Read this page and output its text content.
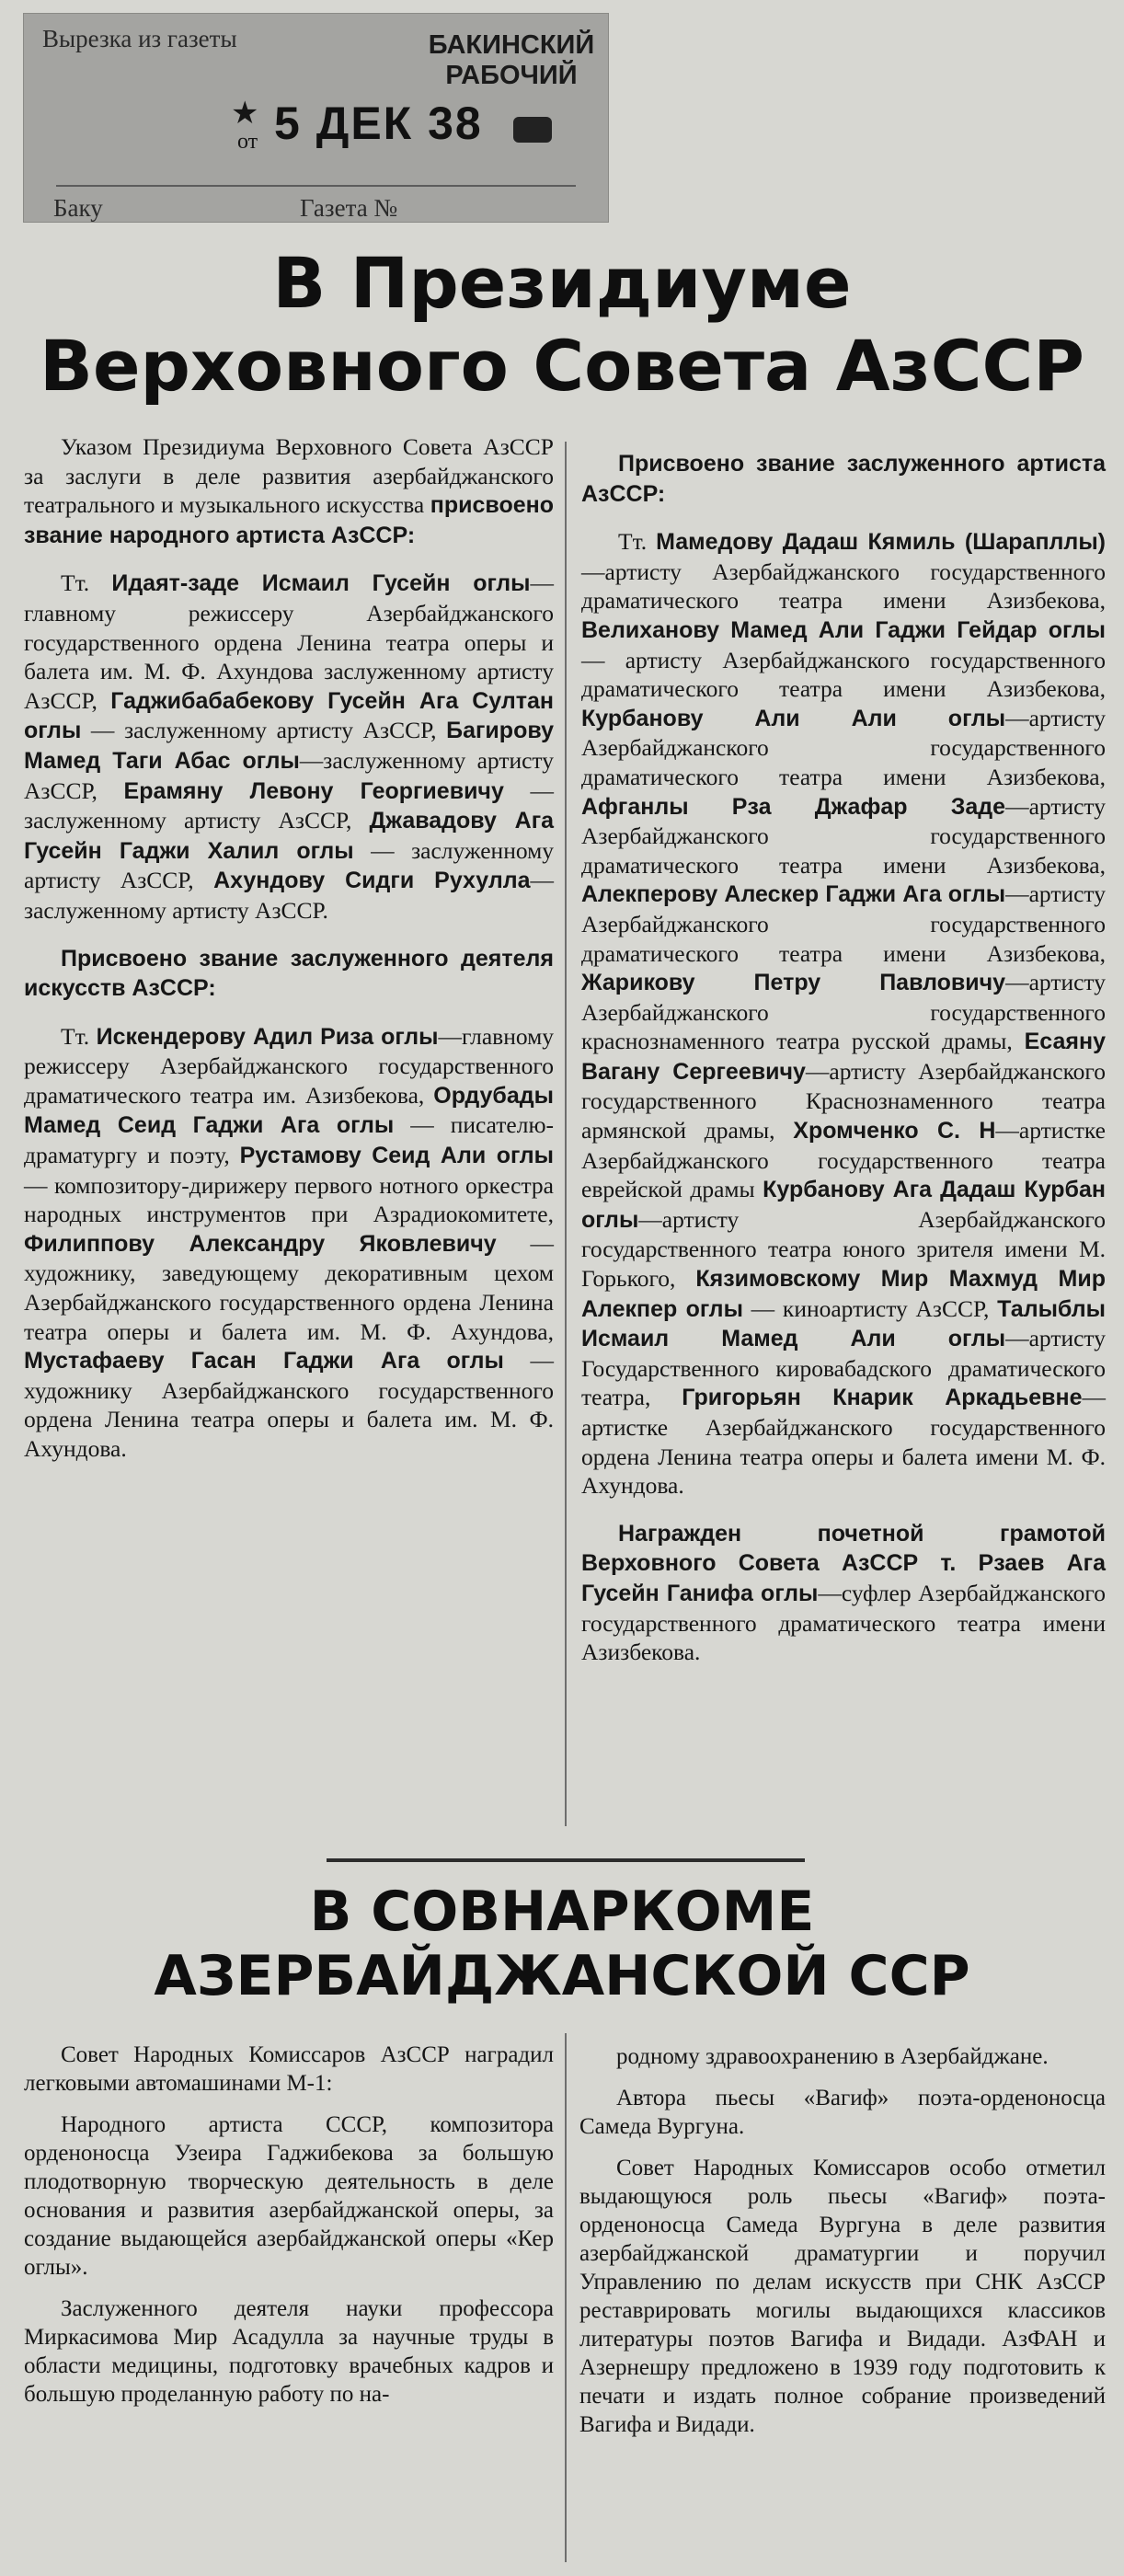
Вырезка из газеты	БАКИНСКИЙ
РАБОЧИЙ
★
от 5 ДЕК 38
Баку	Газета №
В Президиуме
Верховного Совета АзССР

Указом Президиума Верховного Совета АзССР за заслуги в деле развития азербайджанского театрального и музыкального искусства присвоено звание народного артиста АзССР:

Тт. Идаят-заде Исмаил Гусейн оглы—главному режиссеру Азербайджанского государственного ордена Ленина театра оперы и балета им. М. Ф. Ахундова заслуженному артисту АзССР, Гаджибабабекову Гусейн Ага Султан оглы — заслуженному артисту АзССР, Багирову Мамед Таги Абас оглы—заслуженному артисту АзССР, Ерамяну Левону Георгиевичу — заслуженному артисту АзССР, Джавадову Ага Гусейн Гаджи Халил оглы — заслуженному артисту АзССР, Ахундову Сидги Рухулла—заслуженному артисту АзССР.

Присвоено звание заслуженного деятеля искусств АзССР:

Тт. Искендерову Адил Риза оглы—главному режиссеру Азербайджанского государственного драматического театра им. Азизбекова, Ордубады Мамед Сеид Гаджи Ага оглы — писателю-драматургу и поэту, Рустамову Сеид Али оглы — композитору-дирижеру первого нотного оркестра народных инструментов при Азрадиокомитете, Филиппову Александру Яковлевичу — художнику, заведующему декоративным цехом Азербайджанского государственного ордена Ленина театра оперы и балета им. М. Ф. Ахундова, Мустафаеву Гасан Гаджи Ага оглы — художнику Азербайджанского государственного ордена Ленина театра оперы и балета им. М. Ф. Ахундова.

Присвоено звание заслуженного артиста АзССР:

Тт. Мамедову Дадаш Кямиль (Шарапллы)—артисту Азербайджанского государственного драматического театра имени Азизбекова, Велиханову Мамед Али Гаджи Гейдар оглы — артисту Азербайджанского государственного драматического театра имени Азизбекова, Курбанову Али Али оглы—артисту Азербайджанского государственного драматического театра имени Азизбекова, Афганлы Рза Джафар Заде—артисту Азербайджанского государственного драматического театра имени Азизбекова, Алекперову Алескер Гаджи Ага оглы—артисту Азербайджанского государственного драматического театра имени Азизбекова, Жарикову Петру Павловичу—артисту Азербайджанского государственного краснознаменного театра русской драмы, Есаяну Вагану Сергеевичу—артисту Азербайджанского государственного Краснознаменного театра армянской драмы, Хромченко С. Н—артистке Азербайджанского государственного театра еврейской драмы Курбанову Ага Дадаш Курбан оглы—артисту Азербайджанского государственного театра юного зрителя имени М. Горького, Кязимовскому Мир Махмуд Мир Алекпер оглы — киноартисту АзССР, Талыблы Исмаил Мамед Али оглы—артисту Государственного кировабадского драматического театра, Григорьян Кнарик Аркадьевне—артистке Азербайджанского государственного ордена Ленина театра оперы и балета имени М. Ф. Ахундова.

Награжден почетной грамотой Верховного Совета АзССР т. Рзаев Ага Гусейн Ганифа оглы—суфлер Азербайджанского государственного драматического театра имени Азизбекова.

В СОВНАРКОМЕ
АЗЕРБАЙДЖАНСКОЙ ССР

Совет Народных Комиссаров АзССР наградил легковыми автомашинами М-1:

Народного артиста СССР, композитора орденоносца Узеира Гаджибекова за большую плодотворную творческую деятельность в деле основания и развития азербайджанской оперы, за создание выдающейся азербайджанской оперы «Кер оглы».

Заслуженного деятеля науки профессора Миркасимова Мир Асадулла за научные труды в области медицины, подготовку врачебных кадров и большую проделанную работу по на-

родному здравоохранению в Азербайджане.

Автора пьесы «Вагиф» поэта-орденоносца Самеда Вургуна.

Совет Народных Комиссаров особо отметил выдающуюся роль пьесы «Вагиф» поэта-орденоносца Самеда Вургуна в деле развития азербайджанской драматургии и поручил Управлению по делам искусств при СНК АзССР реставрировать могилы выдающихся классиков литературы поэтов Вагифа и Видади. АзФАН и Азернешру предложено в 1939 году подготовить к печати и издать полное собрание произведений Вагифа и Видади.
